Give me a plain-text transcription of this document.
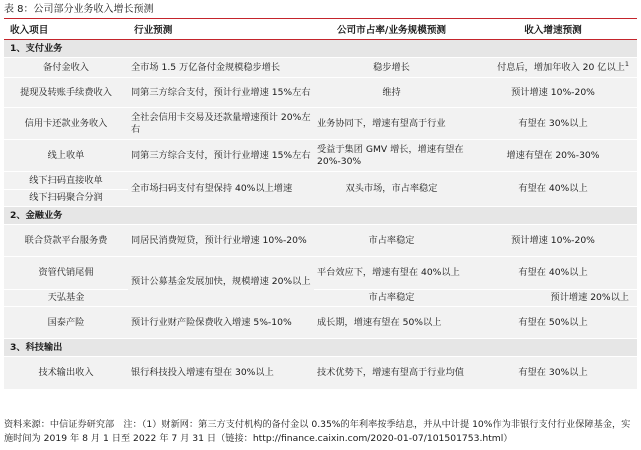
表 8：公司部分业务收入增长预测
收入项目	行业预测	公司市占率/业务规模预测	收入增速预测
1、支付业务			
备付金收入	全市场 1.5 万亿备付金规模稳步增长	稳步增长	付息后，增加年收入 20 亿以上$^1$
提现及转账手续费收入	同第三方综合支付，预计行业增速 15%左右	维持	预计增速 10%-20%
信用卡还款业务收入	全社会信用卡交易及还款量增速预计 20%左右	业务协同下，增速有望高于行业	有望在 30%以上
线上收单	同第三方综合支付，预计行业增速 15%左右	受益于集团 GMV 增长，增速有望在 20%-30%	增速有望在 20%-30%
线下扫码直接收单	全市场扫码支付有望保持 40%以上增速	双头市场，市占率稳定	有望在 40%以上
线下扫码聚合分润			
2、金融业务			
联合贷款平台服务费	同居民消费短贷，预计行业增速 10%-20%	市占率稳定	预计增速 10%-20%
资管代销尾佣	预计公募基金发展加快，规模增速 20%以上	平台效应下，增速有望在 40%以上	有望在 40%以上
天弘基金		市占率稳定	预计增速 20%以上
国泰产险	预计行业财产险保费收入增速 5%-10%	成长期，增速有望在 50%以上	有望在 50%以上
3、科技输出			
技术输出收入	银行科技投入增速有望在 30%以上	技术优势下，增速有望高于行业均值	有望在 30%以上
资料来源：中信证券研究部　注：（1）财新网：第三方支付机构的备付金以 0.35%的年利率按季结息，并从中计提 10%作为非银行支付行业保障基金，实施时间为 2019 年 8 月 1 日至 2022 年 7 月 31 日（链接：http://finance.caixin.com/2020-01-07/101501753.html）
